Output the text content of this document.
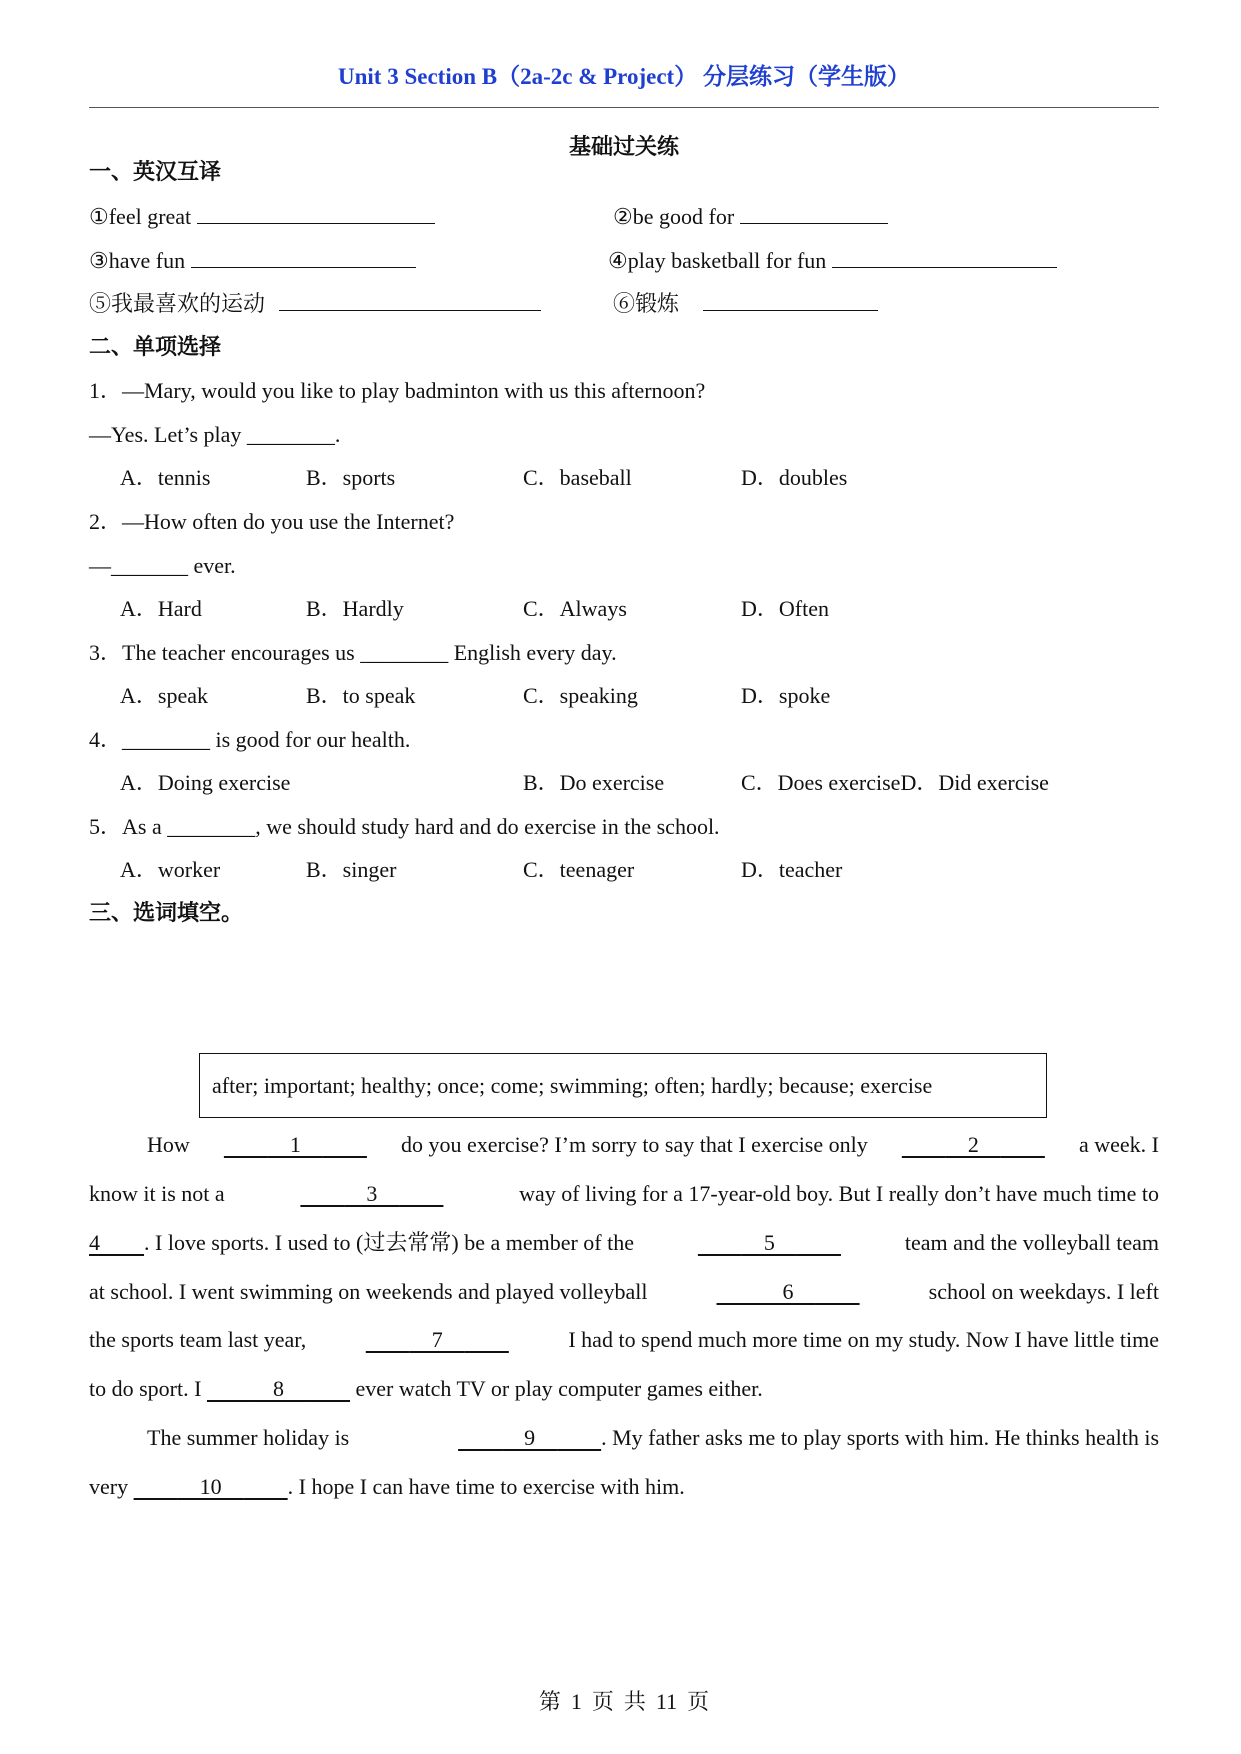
Unit 3 Section B（2a-2c & Project） 分层练习（学生版）
基础过关练
一、英汉互译
①feel great	②be good for
③have fun	④play basketball for fun
⑤我最喜欢的运动	⑥锻炼
二、单项选择
1．—Mary, would you like to play badminton with us this afternoon?
—Yes. Let’s play ________.
A．tennis	B．sports	C．baseball	D．doubles
2．—How often do you use the Internet?
—_______ ever.
A．Hard	B．Hardly	C．Always	D．Often
3．The teacher encourages us ________ English every day.
A．speak	B．to speak	C．speaking	D．spoke
4．________ is good for our health.
A．Doing exercise	B．Do exercise	C．Does exerciseD．Did exercise
5．As a ________, we should study hard and do exercise in the school.
A．worker	B．singer	C．teenager	D．teacher
三、选词填空。
after; important; healthy; once; come; swimming; often; hardly; because; exercise
How
　　	　1　　　	do you exercise? I’m sorry to say that I exercise only
　　	　2　　　	a week. I
know it is not a
　　	　3　　　	way of living for a 17-year-old boy. But I really don’t have much time to
4　　 . I love sports. I used to (过去常常) be a member of the
　　	　5　　　	team and the volleyball team
at school. I went swimming on weekends and played volleyball
　　	　6　　　	school on weekdays. I left
the sports team last year,
　　	　7　　　	I had to spend much more time on my study. Now I have little time
to do sport. I 　　　8　　　 ever watch TV or play computer games either.
The summer holiday is
　　	　9　　　. My father asks me to play sports with him. He thinks health is
very 　　　10　　　. I hope I can have time to exercise with him.
第 1 页 共 11 页
